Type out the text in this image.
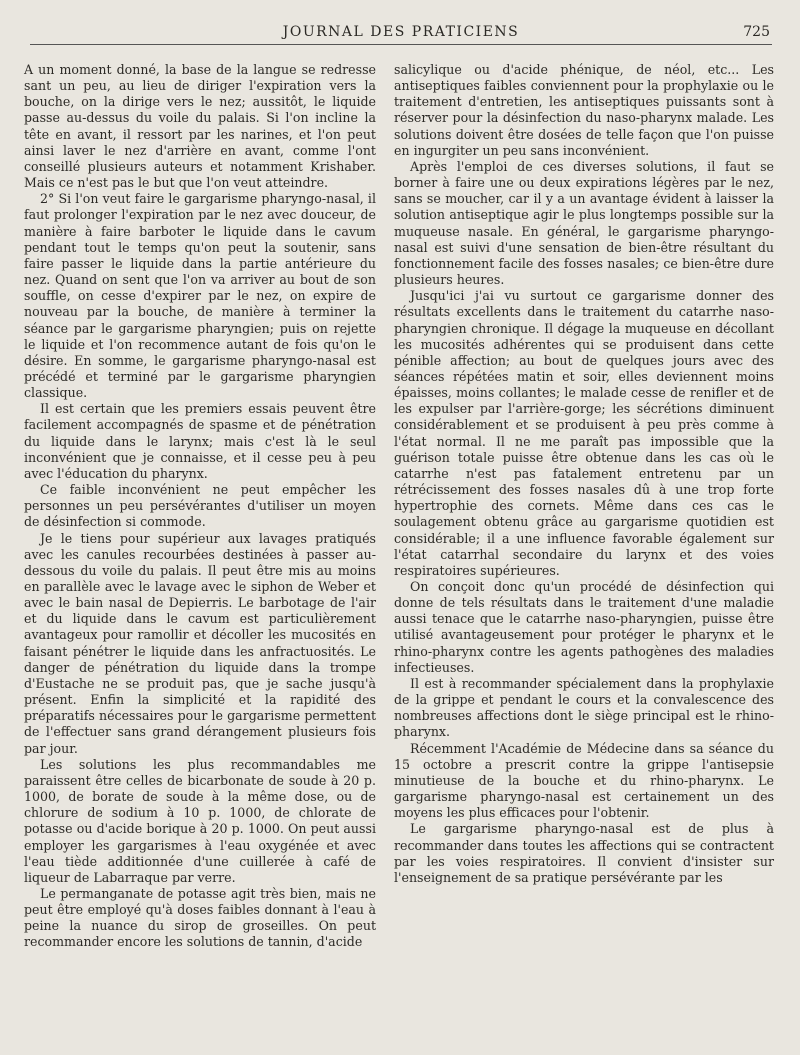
JOURNAL DES PRATICIENS	725

A un moment donné, la base de la langue se redresse sant un peu, au lieu de diriger l'expiration vers la bouche, on la dirige vers le nez; aussitôt, le liquide passe au-dessus du voile du palais. Si l'on incline la tête en avant, il ressort par les narines, et l'on peut ainsi laver le nez d'arrière en avant, comme l'ont conseillé plusieurs auteurs et notamment Krishaber. Mais ce n'est pas le but que l'on veut atteindre.

2° Si l'on veut faire le gargarisme pharyngo-nasal, il faut prolonger l'expiration par le nez avec douceur, de manière à faire barboter le liquide dans le cavum pendant tout le temps qu'on peut la soutenir, sans faire passer le liquide dans la partie antérieure du nez. Quand on sent que l'on va arriver au bout de son souffle, on cesse d'expirer par le nez, on expire de nouveau par la bouche, de manière à terminer la séance par le gargarisme pharyngien; puis on rejette le liquide et l'on recommence autant de fois qu'on le désire. En somme, le gargarisme pharyngo-nasal est précédé et terminé par le gargarisme pharyngien classique.

Il est certain que les premiers essais peuvent être facilement accompagnés de spasme et de pénétration du liquide dans le larynx; mais c'est là le seul inconvénient que je connaisse, et il cesse peu à peu avec l'éducation du pharynx.

Ce faible inconvénient ne peut empêcher les personnes un peu persévérantes d'utiliser un moyen de désinfection si commode.

Je le tiens pour supérieur aux lavages pratiqués avec les canules recourbées destinées à passer au-dessous du voile du palais. Il peut être mis au moins en parallèle avec le lavage avec le siphon de Weber et avec le bain nasal de Depierris. Le barbotage de l'air et du liquide dans le cavum est particulièrement avantageux pour ramollir et décoller les mucosités en faisant pénétrer le liquide dans les anfractuosités. Le danger de pénétration du liquide dans la trompe d'Eustache ne se produit pas, que je sache jusqu'à présent. Enfin la simplicité et la rapidité des préparatifs nécessaires pour le gargarisme permettent de l'effectuer sans grand dérangement plusieurs fois par jour.

Les solutions les plus recommandables me paraissent être celles de bicarbonate de soude à 20 p. 1000, de borate de soude à la même dose, ou de chlorure de sodium à 10 p. 1000, de chlorate de potasse ou d'acide borique à 20 p. 1000. On peut aussi employer les gargarismes à l'eau oxygénée et avec l'eau tiède additionnée d'une cuillerée à café de liqueur de Labarraque par verre.

Le permanganate de potasse agit très bien, mais ne peut être employé qu'à doses faibles donnant à l'eau à peine la nuance du sirop de groseilles. On peut recommander encore les solutions de tannin, d'acide

salicylique ou d'acide phénique, de néol, etc... Les antiseptiques faibles conviennent pour la prophylaxie ou le traitement d'entretien, les antiseptiques puissants sont à réserver pour la désinfection du naso-pharynx malade. Les solutions doivent être dosées de telle façon que l'on puisse en ingurgiter un peu sans inconvénient.

Après l'emploi de ces diverses solutions, il faut se borner à faire une ou deux expirations légères par le nez, sans se moucher, car il y a un avantage évident à laisser la solution antiseptique agir le plus longtemps possible sur la muqueuse nasale. En général, le gargarisme pharyngo-nasal est suivi d'une sensation de bien-être résultant du fonctionnement facile des fosses nasales; ce bien-être dure plusieurs heures.

Jusqu'ici j'ai vu surtout ce gargarisme donner des résultats excellents dans le traitement du catarrhe naso-pharyngien chronique. Il dégage la muqueuse en décollant les mucosités adhérentes qui se produisent dans cette pénible affection; au bout de quelques jours avec des séances répétées matin et soir, elles deviennent moins épaisses, moins collantes; le malade cesse de renifler et de les expulser par l'arrière-gorge; les sécrétions diminuent considérablement et se produisent à peu près comme à l'état normal. Il ne me paraît pas impossible que la guérison totale puisse être obtenue dans les cas où le catarrhe n'est pas fatalement entretenu par un rétrécissement des fosses nasales dû à une trop forte hypertrophie des cornets. Même dans ces cas le soulagement obtenu grâce au gargarisme quotidien est considérable; il a une influence favorable également sur l'état catarrhal secondaire du larynx et des voies respiratoires supérieures.

On conçoit donc qu'un procédé de désinfection qui donne de tels résultats dans le traitement d'une maladie aussi tenace que le catarrhe naso-pharyngien, puisse être utilisé avantageusement pour protéger le pharynx et le rhino-pharynx contre les agents pathogènes des maladies infectieuses.

Il est à recommander spécialement dans la prophylaxie de la grippe et pendant le cours et la convalescence des nombreuses affections dont le siège principal est le rhino-pharynx.

Récemment l'Académie de Médecine dans sa séance du 15 octobre a prescrit contre la grippe l'antisepsie minutieuse de la bouche et du rhino-pharynx. Le gargarisme pharyngo-nasal est certainement un des moyens les plus efficaces pour l'obtenir.

Le gargarisme pharyngo-nasal est de plus à recommander dans toutes les affections qui se contractent par les voies respiratoires. Il convient d'insister sur l'enseignement de sa pratique persévérante par les
